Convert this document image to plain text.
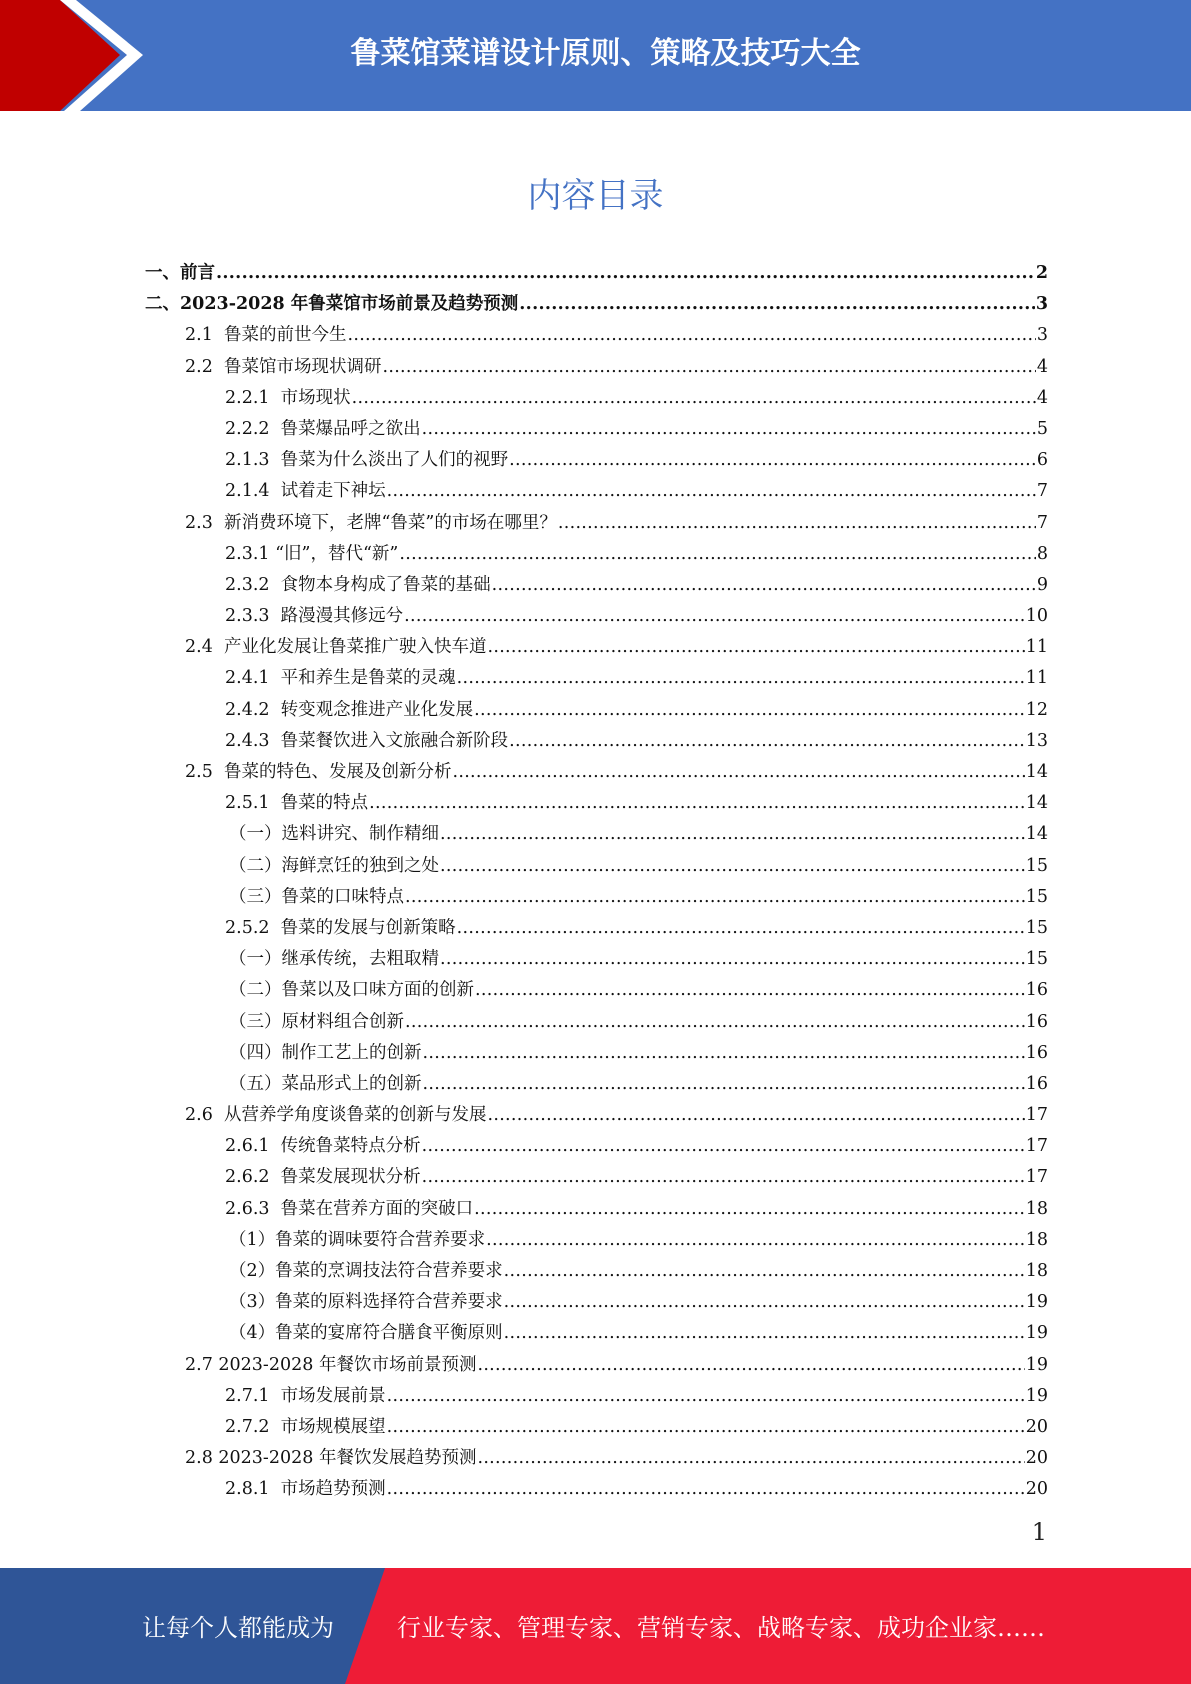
鲁菜馆菜谱设计原则、策略及技巧大全
内容目录
一、前言 .....	2
二、2023-2028 年鲁菜馆市场前景及趋势预测 .....	3
2.1  鲁菜的前世今生 .....	3
2.2  鲁菜馆市场现状调研 .....	4
2.2.1  市场现状 .....	4
2.2.2  鲁菜爆品呼之欲出 .....	5
2.1.3  鲁菜为什么淡出了人们的视野 .....	6
2.1.4  试着走下神坛 .....	7
2.3  新消费环境下，老牌“鲁菜”的市场在哪里？ .....	7
2.3.1 “旧”，替代“新” .....	8
2.3.2  食物本身构成了鲁菜的基础 .....	9
2.3.3  路漫漫其修远兮 .....	10
2.4  产业化发展让鲁菜推广驶入快车道 .....	11
2.4.1  平和养生是鲁菜的灵魂 .....	11
2.4.2  转变观念推进产业化发展 .....	12
2.4.3  鲁菜餐饮进入文旅融合新阶段 .....	13
2.5  鲁菜的特色、发展及创新分析 .....	14
2.5.1  鲁菜的特点 .....	14
（一）选料讲究、制作精细 .....	14
（二）海鲜烹饪的独到之处 .....	15
（三）鲁菜的口味特点 .....	15
2.5.2  鲁菜的发展与创新策略 .....	15
（一）继承传统，去粗取精 .....	15
（二）鲁菜以及口味方面的创新 .....	16
（三）原材料组合创新 .....	16
（四）制作工艺上的创新 .....	16
（五）菜品形式上的创新 .....	16
2.6  从营养学角度谈鲁菜的创新与发展 .....	17
2.6.1  传统鲁菜特点分析 .....	17
2.6.2  鲁菜发展现状分析 .....	17
2.6.3  鲁菜在营养方面的突破口 .....	18
（1）鲁菜的调味要符合营养要求 .....	18
（2）鲁菜的烹调技法符合营养要求 .....	18
（3）鲁菜的原料选择符合营养要求 .....	19
（4）鲁菜的宴席符合膳食平衡原则 .....	19
2.7 2023-2028 年餐饮市场前景预测 .....	19
2.7.1  市场发展前景 .....	19
2.7.2  市场规模展望 .....	20
2.8 2023-2028 年餐饮发展趋势预测 .....	20
2.8.1  市场趋势预测 .....	20
1
让每个人都能成为	行业专家、管理专家、营销专家、战略专家、成功企业家……
